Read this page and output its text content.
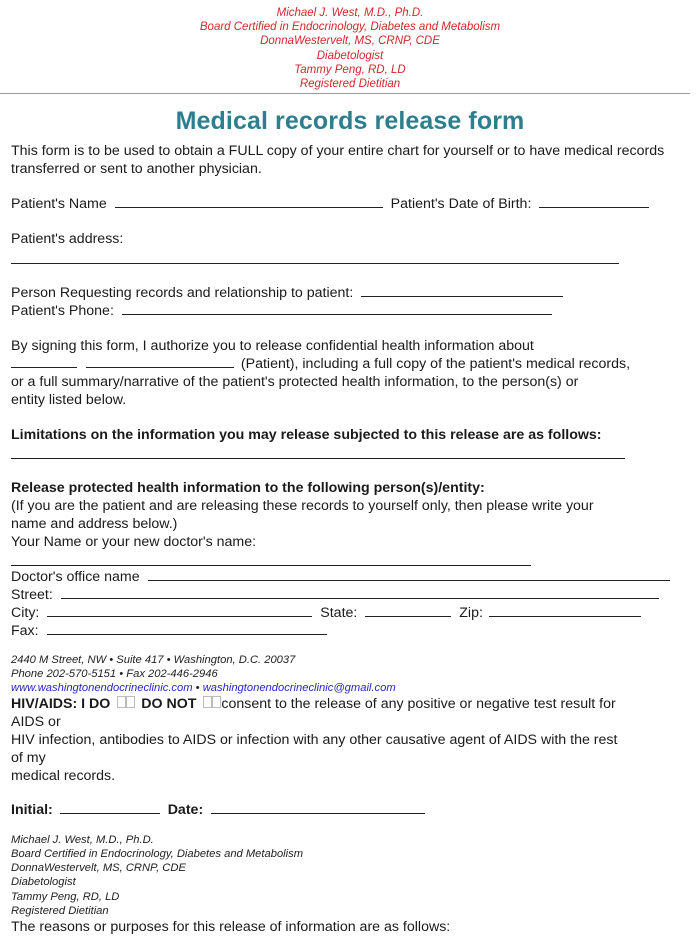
Michael J. West, M.D., Ph.D.
Board Certified in Endocrinology, Diabetes and Metabolism
DonnaWestervelt, MS, CRNP, CDE
Diabetologist
Tammy Peng, RD, LD
Registered Dietitian
Medical records release form

This form is to be used to obtain a FULL copy of your entire chart for yourself or to have medical records transferred or sent to another physician.

Patient's Name	Patient's Date of Birth:

Patient's address:

Person Requesting records and relationship to patient:

Patient's Phone:

By signing this form, I authorize you to release confidential health information about

(Patient), including a full copy of the patient's medical records,

or a full summary/narrative of the patient's protected health information, to the person(s) or

entity listed below.

Limitations on the information you may release subjected to this release are as follows:

Release protected health information to the following person(s)/entity:

(If you are the patient and are releasing these records to yourself only, then please write your

name and address below.)

Your Name or your new doctor's name:

Doctor's office name

Street:

City:	State:	Zip:

Fax:

2440 M Street, NW • Suite 417 • Washington, D.C. 20037
Phone 202-570-5151 • Fax 202-446-2946
www.washingtonendocrineclinic.com • washingtonendocrineclinic@gmail.com

HIV/AIDS: I DO DO NOT consent to the release of any positive or negative test result for

AIDS or

HIV infection, antibodies to AIDS or infection with any other causative agent of AIDS with the rest

of my

medical records.

Initial:	Date:

Michael J. West, M.D., Ph.D.
Board Certified in Endocrinology, Diabetes and Metabolism
DonnaWestervelt, MS, CRNP, CDE
Diabetologist
Tammy Peng, RD, LD
Registered Dietitian

The reasons or purposes for this release of information are as follows:
